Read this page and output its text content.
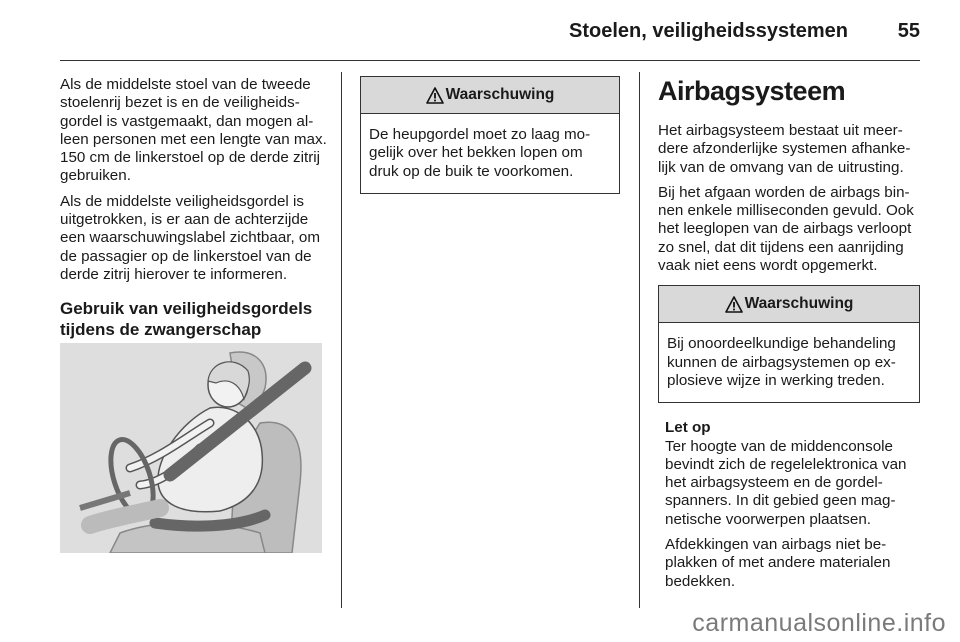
Stoelen, veiligheidssystemen 55

Als de middelste stoel van de tweede stoelenrij bezet is en de veiligheidsgordel is vastgemaakt, dan mogen alleen personen met een lengte van max. 150 cm de linkerstoel op de derde zitrij gebruiken.

Als de middelste veiligheidsgordel is uitgetrokken, is er aan de achterzijde een waarschuwingslabel zichtbaar, om de passagier op de linkerstoel van de derde zitrij hierover te informeren.

Gebruik van veiligheidsgordels tijdens de zwangerschap
Waarschuwing
De heupgordel moet zo laag mogelijk over het bekken lopen om druk op de buik te voorkomen.
Airbagsysteem

Het airbagsysteem bestaat uit meerdere afzonderlijke systemen afhankelijk van de omvang van de uitrusting.

Bij het afgaan worden de airbags binnen enkele milliseconden gevuld. Ook het leeglopen van de airbags verloopt zo snel, dat dit tijdens een aanrijding vaak niet eens wordt opgemerkt.

Waarschuwing
Bij onoordeelkundige behandeling kunnen de airbagsystemen op explosieve wijze in werking treden.
Let op

Ter hoogte van de middenconsole bevindt zich de regelelektronica van het airbagsysteem en de gordelspanners. In dit gebied geen magnetische voorwerpen plaatsen.

Afdekkingen van airbags niet beplakken of met andere materialen bedekken.

carmanualsonline.info
